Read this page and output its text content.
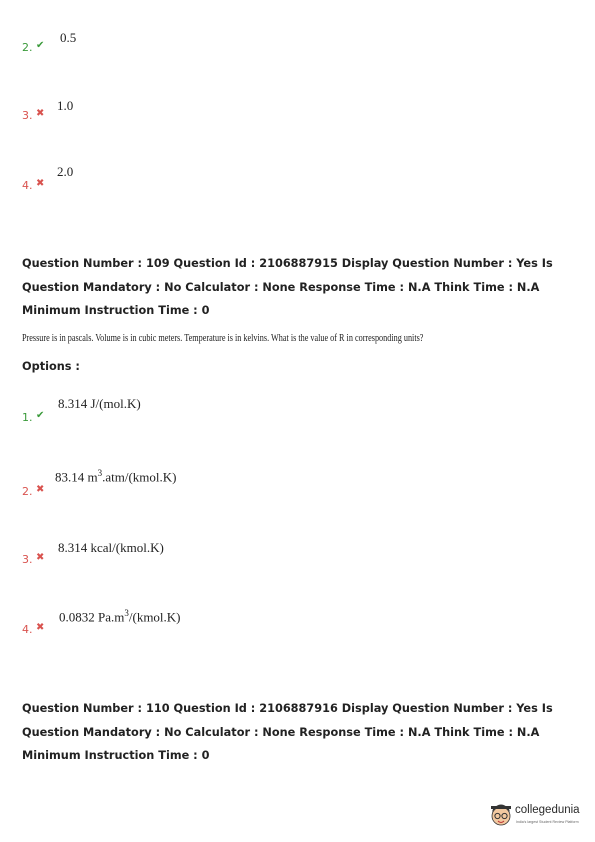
2. ✔
0.5
3. ✖
1.0
4. ✖
2.0
Question Number : 109 Question Id : 2106887915 Display Question Number : Yes Is Question Mandatory : No Calculator : None Response Time : N.A Think Time : N.A Minimum Instruction Time : 0
Pressure is in pascals. Volume is in cubic meters. Temperature is in kelvins. What is the value of R in corresponding units?
Options :
1. ✔
8.314 J/(mol.K)
2. ✖
83.14 $m^3.atm/(kmol.K)$
3. ✖
8.314 kcal/(kmol.K)
4. ✖
0.0832 $Pa.m^3/(kmol.K)$
Question Number : 110 Question Id : 2106887916 Display Question Number : Yes Is Question Mandatory : No Calculator : None Response Time : N.A Think Time : N.A Minimum Instruction Time : 0
collegedunia
India's largest Student Review Platform
